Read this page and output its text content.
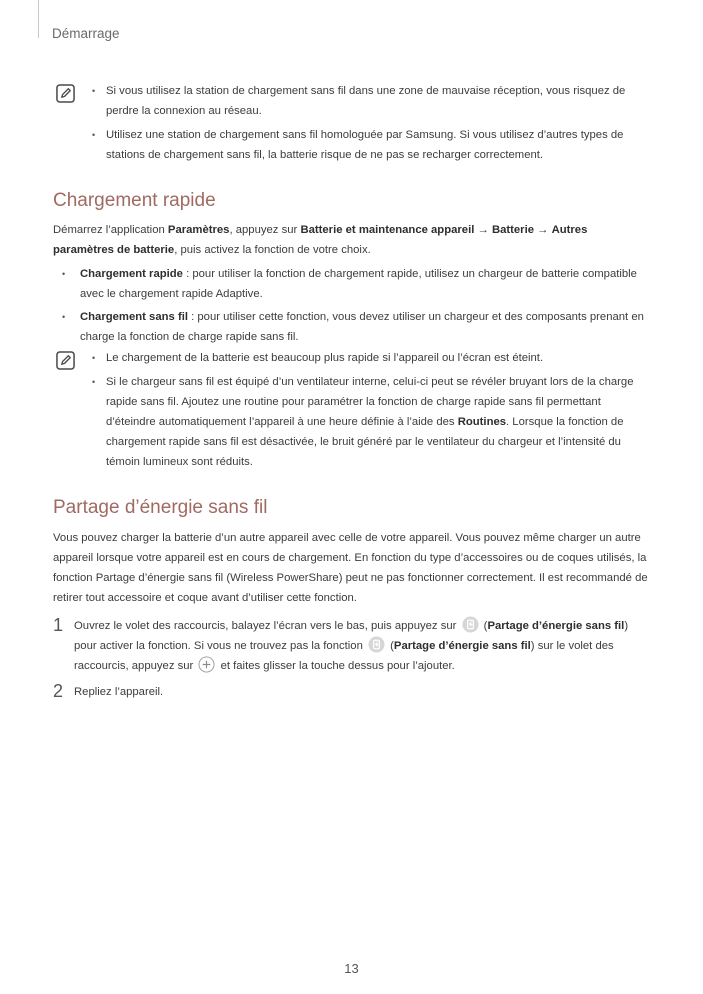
Démarrage
• Si vous utilisez la station de chargement sans fil dans une zone de mauvaise réception, vous risquez de perdre la connexion au réseau.
• Utilisez une station de chargement sans fil homologuée par Samsung. Si vous utilisez d’autres types de stations de chargement sans fil, la batterie risque de ne pas se recharger correctement.
Chargement rapide
Démarrez l’application Paramètres, appuyez sur Batterie et maintenance appareil → Batterie → Autres paramètres de batterie, puis activez la fonction de votre choix.
• Chargement rapide : pour utiliser la fonction de chargement rapide, utilisez un chargeur de batterie compatible avec le chargement rapide Adaptive.
• Chargement sans fil : pour utiliser cette fonction, vous devez utiliser un chargeur et des composants prenant en charge la fonction de charge rapide sans fil.
• Le chargement de la batterie est beaucoup plus rapide si l’appareil ou l’écran est éteint.
• Si le chargeur sans fil est équipé d’un ventilateur interne, celui-ci peut se révéler bruyant lors de la charge rapide sans fil. Ajoutez une routine pour paramétrer la fonction de charge rapide sans fil permettant d’éteindre automatiquement l’appareil à une heure définie à l’aide des Routines. Lorsque la fonction de chargement rapide sans fil est désactivée, le bruit généré par le ventilateur du chargeur et l’intensité du témoin lumineux sont réduits.
Partage d’énergie sans fil
Vous pouvez charger la batterie d’un autre appareil avec celle de votre appareil. Vous pouvez même charger un autre appareil lorsque votre appareil est en cours de chargement. En fonction du type d’accessoires ou de coques utilisés, la fonction Partage d’énergie sans fil (Wireless PowerShare) peut ne pas fonctionner correctement. Il est recommandé de retirer tout accessoire et coque avant d’utiliser cette fonction.
1 Ouvrez le volet des raccourcis, balayez l’écran vers le bas, puis appuyez sur  (Partage d’énergie sans fil) pour activer la fonction. Si vous ne trouvez pas la fonction  (Partage d’énergie sans fil) sur le volet des raccourcis, appuyez sur  et faites glisser la touche dessus pour l’ajouter.
2 Repliez l’appareil.
13
